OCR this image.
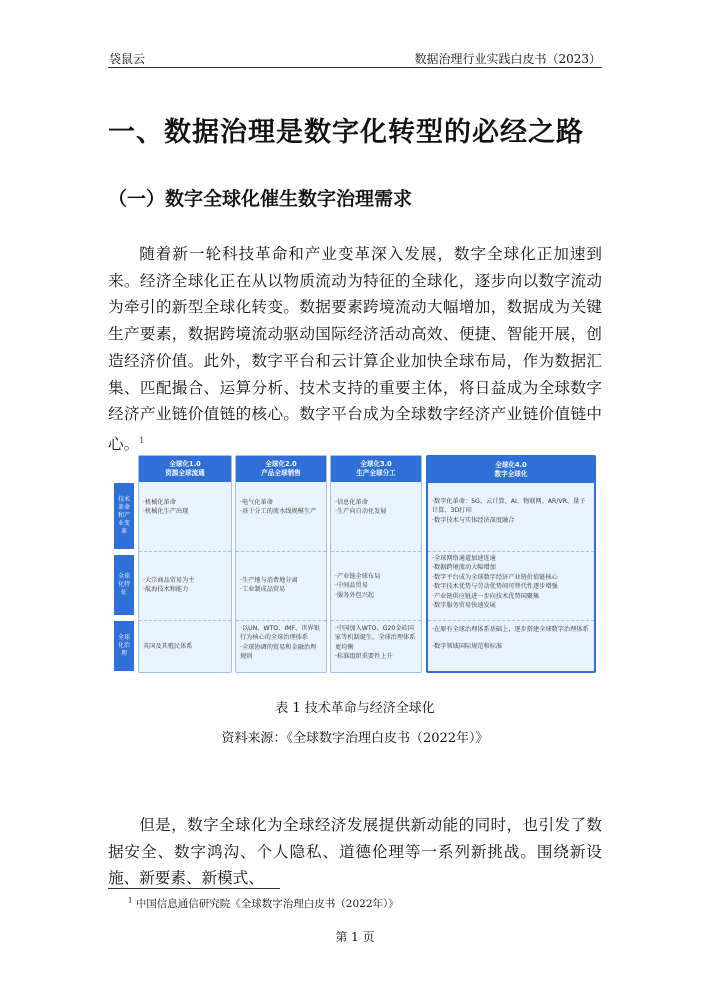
袋鼠云	数据治理行业实践白皮书（2023）
一、数据治理是数字化转型的必经之路
（一）数字全球化催生数字治理需求
随着新一轮科技革命和产业变革深入发展，数字全球化正加速到来。经济全球化正在从以物质流动为特征的全球化，逐步向以数字流动为牵引的新型全球化转变。数据要素跨境流动大幅增加，数据成为关键生产要素，数据跨境流动驱动国际经济活动高效、便捷、智能开展，创造经济价值。此外，数字平台和云计算企业加快全球布局，作为数据汇集、匹配撮合、运算分析、技术支持的重要主体，将日益成为全球数字经济产业链价值链的核心。数字平台成为全球数字经济产业链价值链中心。$^1$
技术革命和产业变革
全球化特征
全球化治理
全球化1.0
资源全球流通
·机械化革命
·机械化生产出现
·大宗商品贸易为主
·航海技术和能力
英国及其殖民体系
全球化2.0
产品全球销售
·电气化革命
·基于分工的流水线规模生产
·生产地与消费地分离
·工业制成品贸易
·以UN、WTO、IMF、世界银行为核心的全球治理体系
·全球协调的贸易和金融治理规则
全球化3.0
生产全球分工
·信息化革命
·生产向自动化发展
·产业链全球布局
·中间品贸易
·服务外包兴起
·中国加入WTO、G20金砖国家等机制诞生，全球治理体系更均衡
·标准组织重要性上升
全球化4.0
数字全球化
·数字化革命：5G、云计算、AI、物联网、AR/VR、量子计算、3D打印
·数字技术与实体经济深度融合
·全球网络通道加速连通
·数据跨境流动大幅增加
·数字平台成为全球数字经济产业链价值链核心
·数字技术优势与劳动优势间可替代性逐步增强
·产业链供应链进一步向技术优势国聚集
·数字服务贸易快速发展
·在原有全球治理体系基础上，逐步搭建全球数字治理体系
·数字领域国际规范和标准
表 1 技术革命与经济全球化
资料来源：《全球数字治理白皮书（2022年）》
但是，数字全球化为全球经济发展提供新动能的同时，也引发了数据安全、数字鸿沟、个人隐私、道德伦理等一系列新挑战。围绕新设施、新要素、新模式、
$^1$ 中国信息通信研究院《全球数字治理白皮书（2022年）》
第 1 页
